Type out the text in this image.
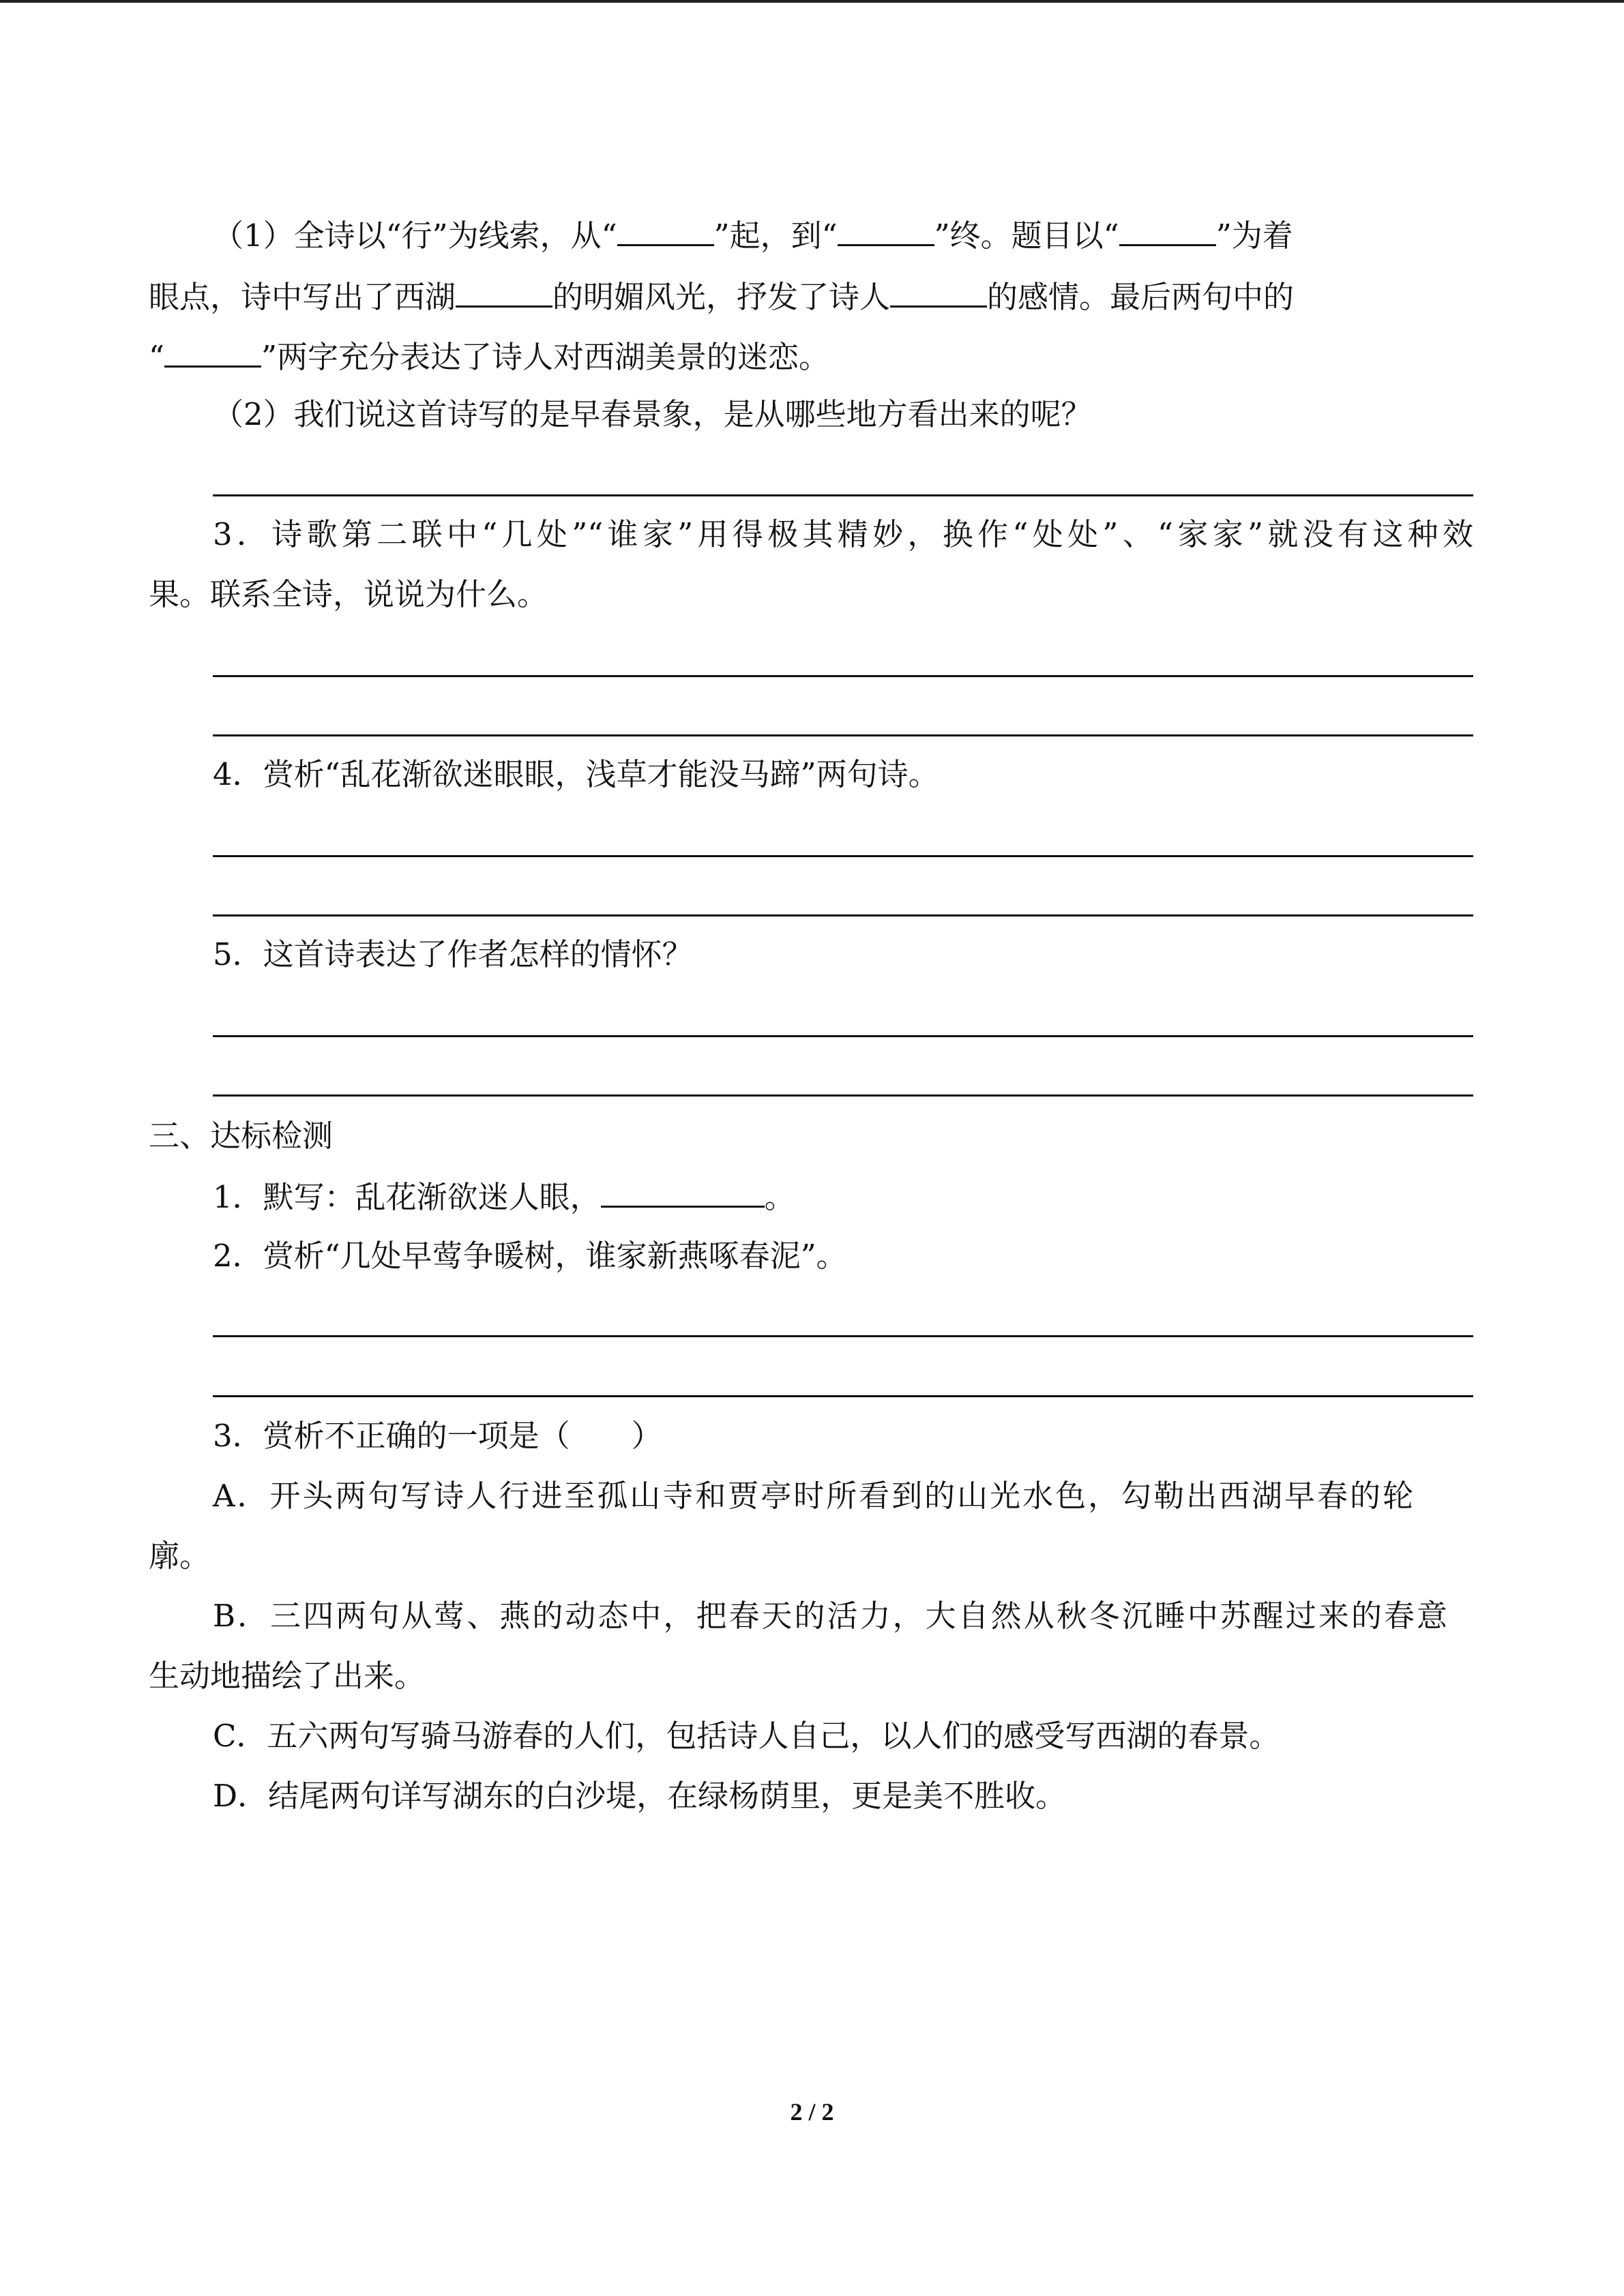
（1）全诗以“行”为线索，从“	”起，到“	”终。题目以“	”为着
眼点，诗中写出了西湖	的明媚风光，抒发了诗人	的感情。最后两句中的
“	”两字充分表达了诗人对西湖美景的迷恋。
（2）我们说这首诗写的是早春景象，是从哪些地方看出来的呢？
3．诗歌第二联中“几处”“谁家”用得极其精妙，换作“处处”、“家家”就没有这种效
果。联系全诗，说说为什么。
4．赏析“乱花渐欲迷眼眼，浅草才能没马蹄”两句诗。
5．这首诗表达了作者怎样的情怀？
三、达标检测
1．默写：乱花渐欲迷人眼，	。
2．赏析“几处早莺争暖树，谁家新燕啄春泥”。
3．赏析不正确的一项是（　　）
A．开头两句写诗人行进至孤山寺和贾亭时所看到的山光水色，勾勒出西湖早春的轮
廓。
B．三四两句从莺、燕的动态中，把春天的活力，大自然从秋冬沉睡中苏醒过来的春意
生动地描绘了出来。
C．五六两句写骑马游春的人们，包括诗人自己，以人们的感受写西湖的春景。
D．结尾两句详写湖东的白沙堤，在绿杨荫里，更是美不胜收。
2 / 2
